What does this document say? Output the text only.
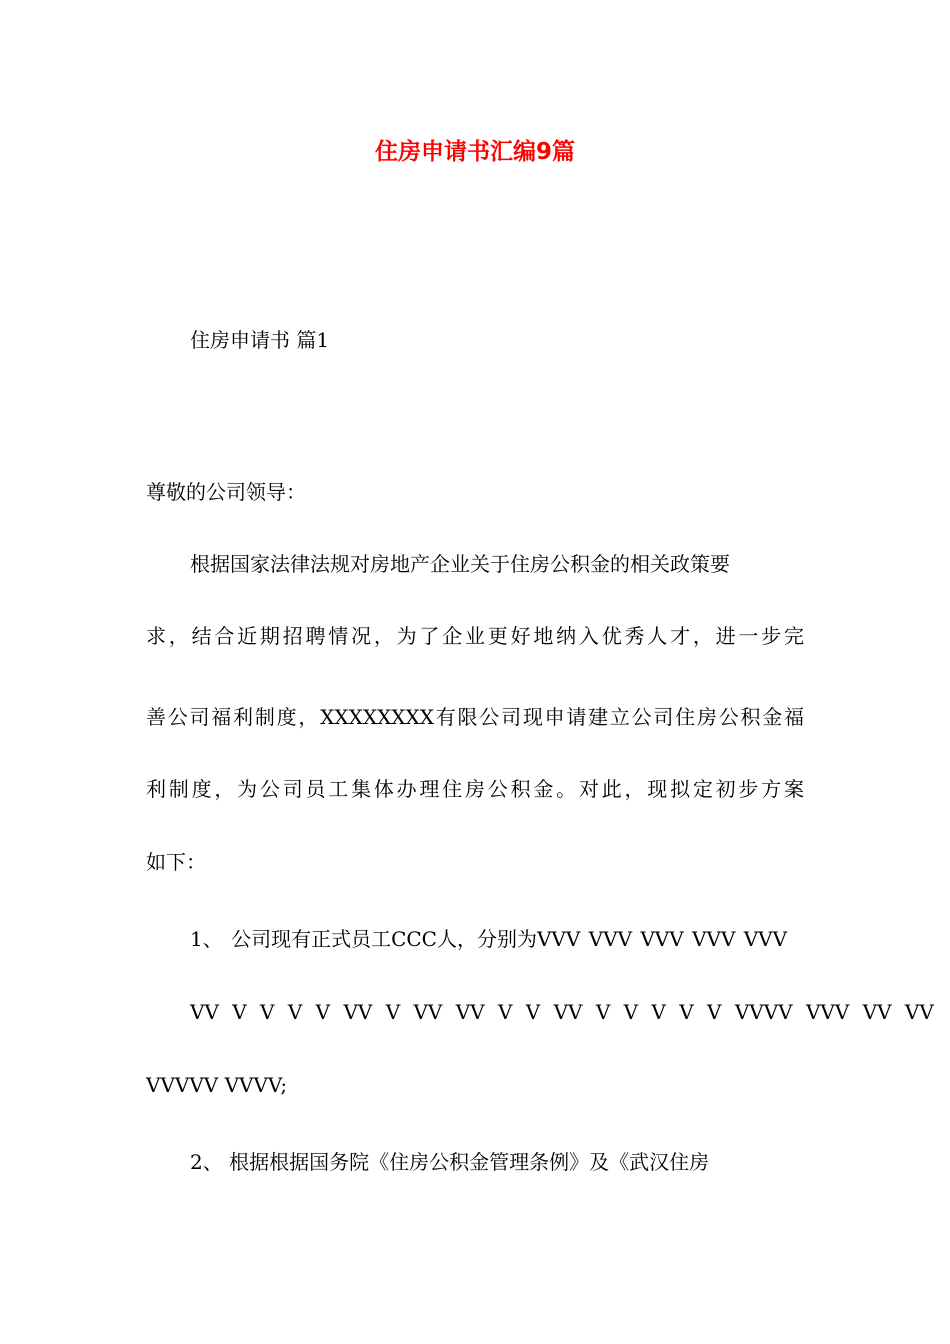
住房申请书汇编9篇

住房申请书 篇1

尊敬的公司领导：

根据国家法律法规对房地产企业关于住房公积金的相关政策要

求，结合近期招聘情况，为了企业更好地纳入优秀人才，进一步完

善公司福利制度，XXXXXXXX有限公司现申请建立公司住房公积金福

利制度，为公司员工集体办理住房公积金。对此，现拟定初步方案

如下：

1、 公司现有正式员工CCC人，分别为VVV VVV VVV VVV VVV

VV V V V V VV V VV VV V V VV V V V V V VVVV VVV VV VV

VVVVV VVVV;

2、 根据根据国务院《住房公积金管理条例》及《武汉住房
